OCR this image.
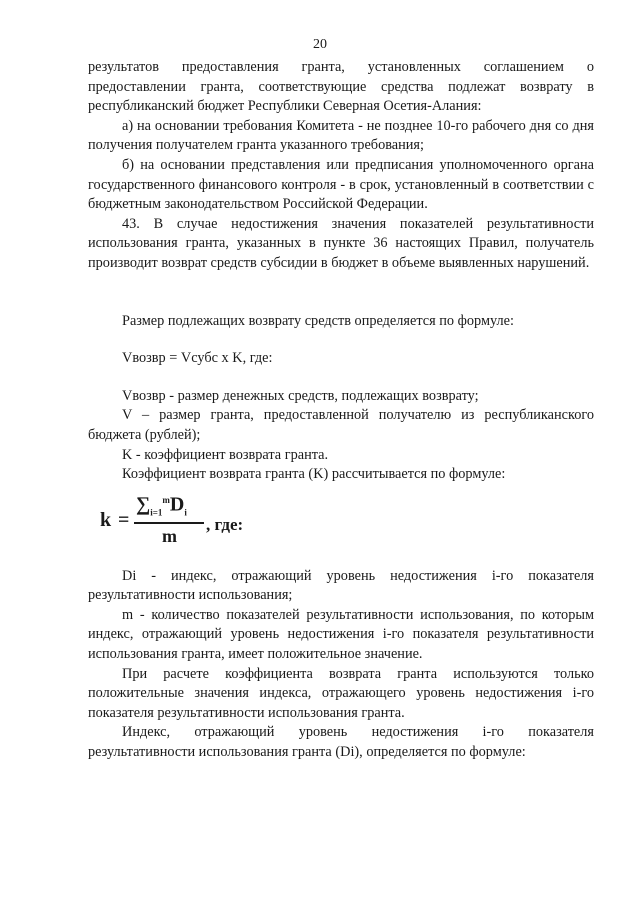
20

результатов предоставления гранта, установленных соглашением о предоставлении гранта, соответствующие средства подлежат возврату в республиканский бюджет Республики Северная Осетия-Алания:

а) на основании требования Комитета - не позднее 10-го рабочего дня со дня получения получателем гранта указанного требования;

б) на основании представления или предписания уполномоченного органа государственного финансового контроля - в срок, установленный в соответствии с бюджетным законодательством Российской Федерации.

43. В случае недостижения значения показателей результативности использования гранта, указанных в пункте 36 настоящих Правил, получатель производит возврат средств субсидии в бюджет в объеме выявленных нарушений.

Размер подлежащих возврату средств определяется по формуле:

Vвозвр = Vсубс x K, где:

Vвозвр - размер денежных средств, подлежащих возврату;

V – размер гранта, предоставленной получателю из республиканского бюджета (рублей);

K - коэффициент возврата гранта.

Коэффициент возврата гранта (K) рассчитывается по формуле:

k =
$\sum_{i=1}^mD_i$
m
, где:

Di - индекс, отражающий уровень недостижения i-го показателя результативности использования;

m - количество показателей результативности использования, по которым индекс, отражающий уровень недостижения i-го показателя результативности использования гранта, имеет положительное значение.

При расчете коэффициента возврата гранта используются только положительные значения индекса, отражающего уровень недостижения i-го показателя результативности использования гранта.

Индекс, отражающий уровень недостижения i-го показателя результативности использования гранта (Di), определяется по формуле:
